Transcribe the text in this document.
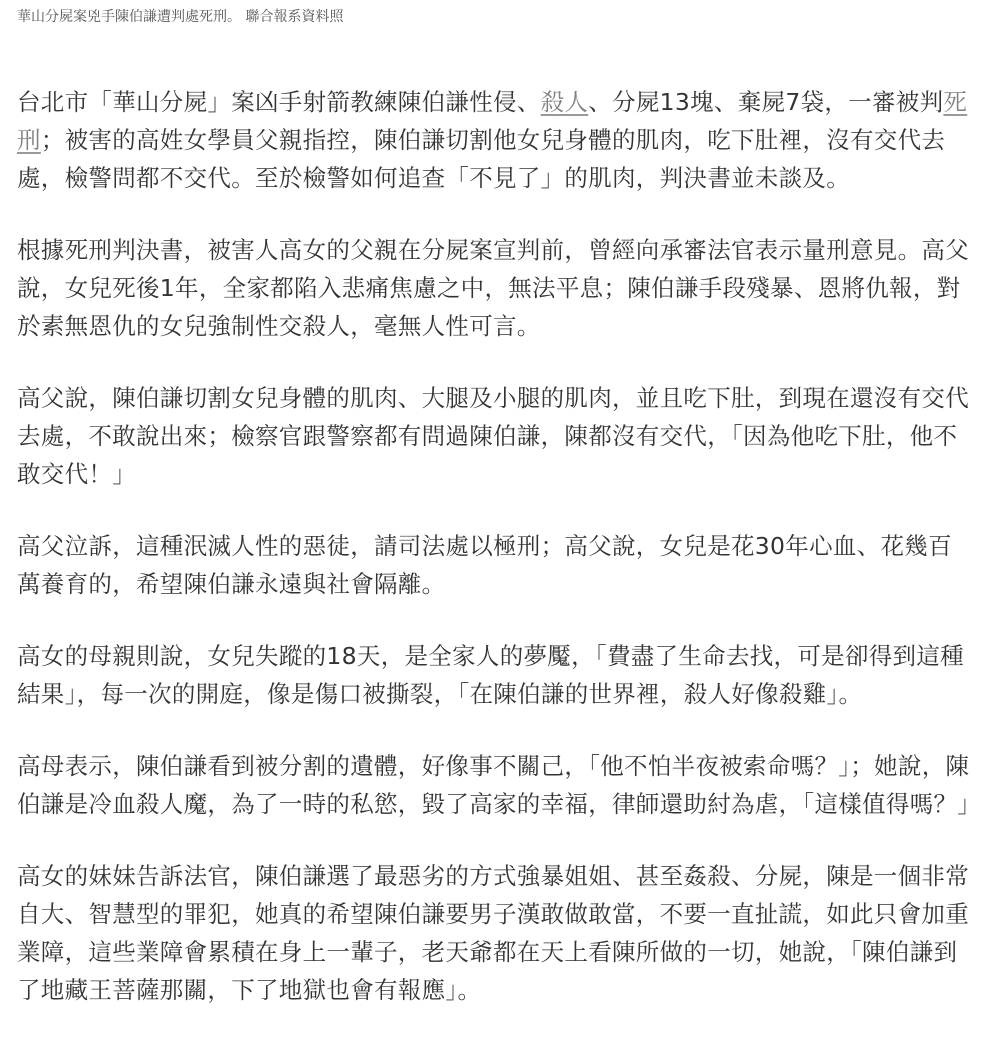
華山分屍案兇手陳伯謙遭判處死刑。 聯合報系資料照

台北市「華山分屍」案凶手射箭教練陳伯謙性侵、殺人、分屍13塊、棄屍7袋，一審被判死刑；被害的高姓女學員父親指控，陳伯謙切割他女兒身體的肌肉，吃下肚裡，沒有交代去處，檢警問都不交代。至於檢警如何追查「不見了」的肌肉，判決書並未談及。

根據死刑判決書，被害人高女的父親在分屍案宣判前，曾經向承審法官表示量刑意見。高父說，女兒死後1年，全家都陷入悲痛焦慮之中，無法平息；陳伯謙手段殘暴、恩將仇報，對於素無恩仇的女兒強制性交殺人，毫無人性可言。

高父說，陳伯謙切割女兒身體的肌肉、大腿及小腿的肌肉，並且吃下肚，到現在還沒有交代去處，不敢說出來；檢察官跟警察都有問過陳伯謙，陳都沒有交代，「因為他吃下肚，他不敢交代！」

高父泣訴，這種泯滅人性的惡徒，請司法處以極刑；高父說，女兒是花30年心血、花幾百萬養育的，希望陳伯謙永遠與社會隔離。

高女的母親則說，女兒失蹤的18天，是全家人的夢魘，「費盡了生命去找，可是卻得到這種結果」，每一次的開庭，像是傷口被撕裂，「在陳伯謙的世界裡，殺人好像殺雞」。

高母表示，陳伯謙看到被分割的遺體，好像事不關己，「他不怕半夜被索命嗎？」；她說，陳伯謙是冷血殺人魔，為了一時的私慾，毀了高家的幸福，律師還助紂為虐，「這樣值得嗎？」

高女的妹妹告訴法官，陳伯謙選了最惡劣的方式強暴姐姐、甚至姦殺、分屍，陳是一個非常自大、智慧型的罪犯，她真的希望陳伯謙要男子漢敢做敢當，不要一直扯謊，如此只會加重業障，這些業障會累積在身上一輩子，老天爺都在天上看陳所做的一切，她說，「陳伯謙到了地藏王菩薩那關，下了地獄也會有報應」。
